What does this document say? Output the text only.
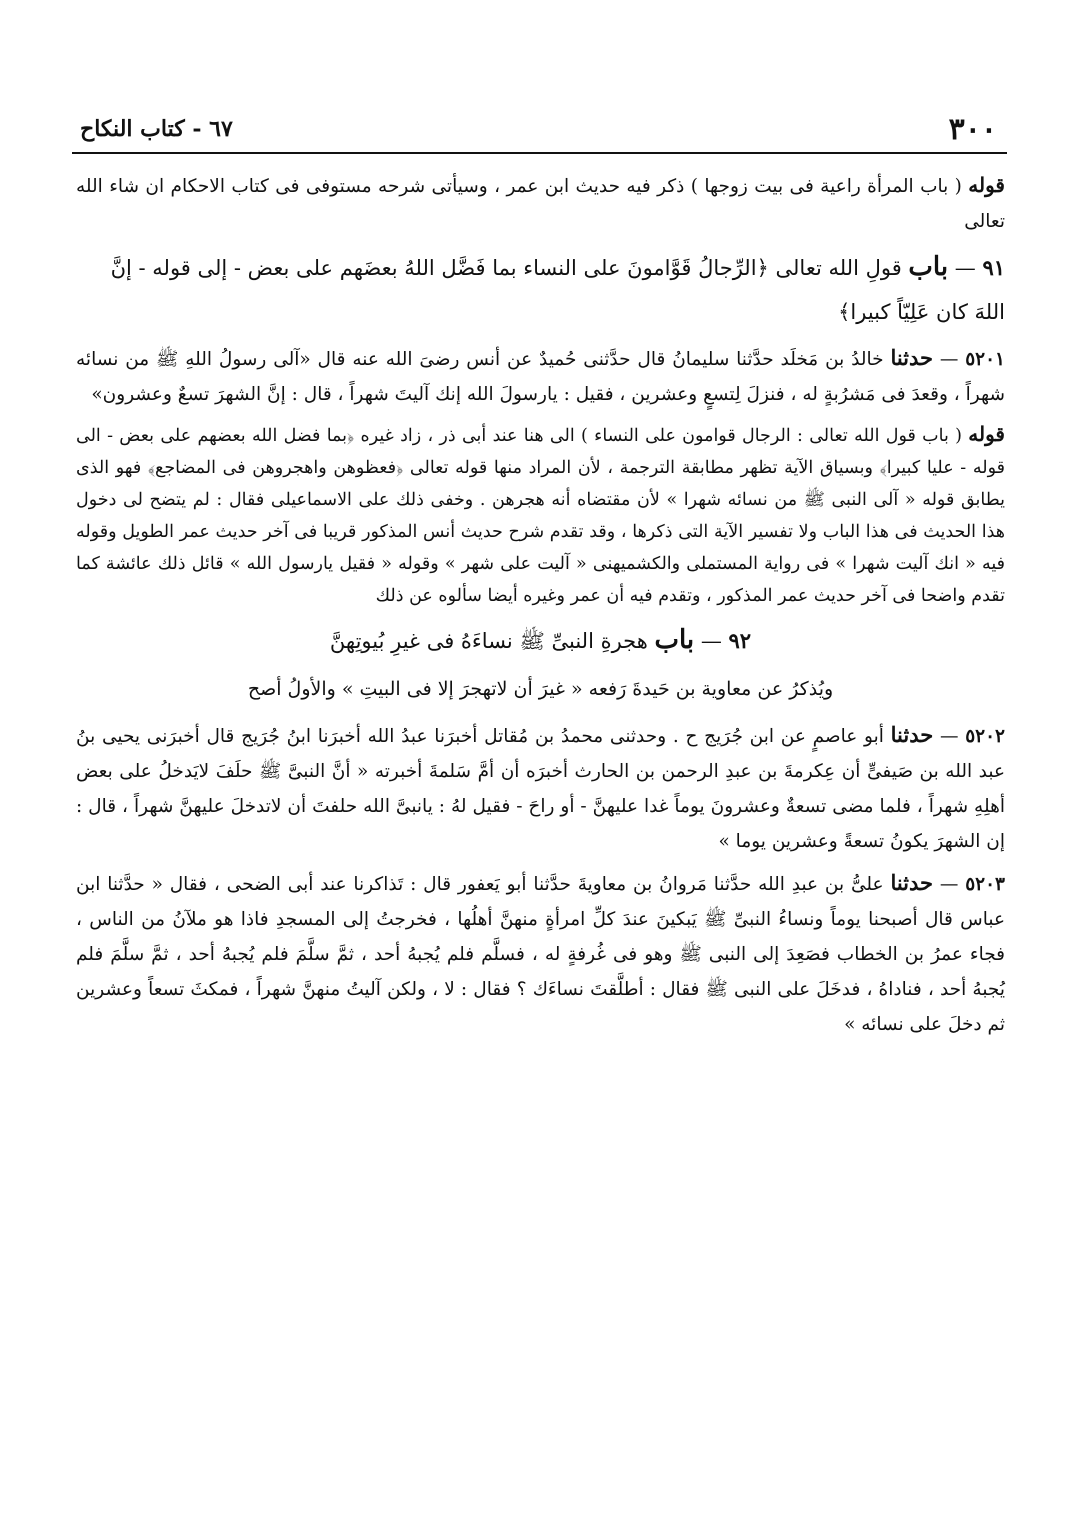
٣٠٠
٦٧ - كتاب النكاح

قوله ( باب المرأة راعية فى بيت زوجها ) ذكر فيه حديث ابن عمر ، وسيأتى شرحه مستوفى فى كتاب الاحكام ان شاء الله تعالى

٩١ — باب قولِ الله تعالى ﴿الرِّجالُ قَوَّامونَ على النساء بما فَضَّل اللهُ بعضَهم على بعض - إلى قوله - إنَّ اللهَ كان عَلِيّاً كبيرا﴾

٥٢٠١ — حدثنا خالدُ بن مَخلَد حدَّثنا سليمانُ قال حدَّثنى حُميدٌ عن أنس رضىَ الله عنه قال «آلى رسولُ اللهِ ﷺ من نسائه شهراً ، وقعدَ فى مَشرُبةٍ له ، فنزلَ لِتسعٍ وعشرين ، فقيل : يارسولَ الله إنك آليتَ شهراً ، قال : إنَّ الشهرَ تسعٌ وعشرون»

قوله ( باب قول الله تعالى : الرجال قوامون على النساء ) الى هنا عند أبى ذر ، زاد غيره ﴿بما فضل الله بعضهم على بعض - الى قوله - عليا كبيرا﴾ وبسياق الآية تظهر مطابقة الترجمة ، لأن المراد منها قوله تعالى ﴿فعظوهن واهجروهن فى المضاجع﴾ فهو الذى يطابق قوله « آلى النبى ﷺ من نسائه شهرا » لأن مقتضاه أنه هجرهن . وخفى ذلك على الاسماعيلى فقال : لم يتضح لى دخول هذا الحديث فى هذا الباب ولا تفسير الآية التى ذكرها ، وقد تقدم شرح حديث أنس المذكور قريبا فى آخر حديث عمر الطويل وقوله فيه « انك آليت شهرا » فى رواية المستملى والكشميهنى « آليت على شهر » وقوله « فقيل يارسول الله » قائل ذلك عائشة كما تقدم واضحا فى آخر حديث عمر المذكور ، وتقدم فيه أن عمر وغيره أيضا سألوه عن ذلك

٩٢ — باب هجرةِ النبىِّ ﷺ نساءَهُ فى غيرِ بُيوتِهنَّ

ويُذكرُ عن معاوية بن حَيدةَ رَفعه « غيرَ أن لاتهجرَ إلا فى البيتِ » والأولُ أصح

٥٢٠٢ — حدثنا أبو عاصمٍ عن ابن جُرَيج ح . وحدثنى محمدُ بن مُقاتل أخبرَنا عبدُ الله أخبرَنا ابنُ جُرَيج قال أخبرَنى يحيى بنُ عبد الله بن صَيفىٍّ أن عِكرمةَ بن عبدِ الرحمن بن الحارث أخبرَه أن أمَّ سَلمةَ أخبرته « أنَّ النبىَّ ﷺ حلَفَ لايَدخلُ على بعض أهلِهِ شهراً ، فلما مضى تسعةٌ وعشرونَ يوماً غدا عليهنَّ - أو راحَ - فقيل لهُ : يانبىَّ الله حلفتَ أن لاتدخلَ عليهنَّ شهراً ، قال : إن الشهرَ يكونُ تسعةً وعشرين يوما »

٥٢٠٣ — حدثنا علىُّ بن عبدِ الله حدَّثنا مَروانُ بن معاويةَ حدَّثنا أبو يَعفور قال : تَذاكرنا عند أبى الضحى ، فقال « حدَّثنا ابن عباس قال أصبحنا يوماً ونساءُ النبىِّ ﷺ يَبكينَ عندَ كلِّ امرأةٍ منهنَّ أهلُها ، فخرجتُ إلى المسجدِ فاذا هو ملآنُ من الناس ، فجاء عمرُ بن الخطاب فصَعِدَ إلى النبى ﷺ وهو فى غُرفةٍ له ، فسلَّم فلم يُجبهُ أحد ، ثمَّ سلَّمَ فلم يُجبهُ أحد ، ثمَّ سلَّمَ فلم يُجبهُ أحد ، فناداهُ ، فدخَلَ على النبى ﷺ فقال : أطلَّقتَ نساءَك ؟ فقال : لا ، ولكن آليتُ منهنَّ شهراً ، فمكثَ تسعاً وعشرين ثم دخلَ على نسائه »
